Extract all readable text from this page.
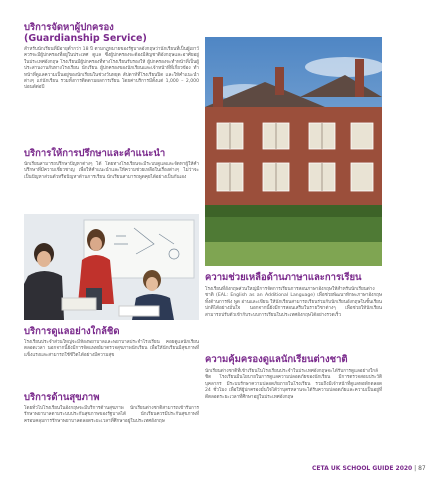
บริการจัดหาผู้ปกครอง
(Guardianship Service)

สำหรับนักเรียนที่มีอายุต่ำกว่า 18 ปี ตามกฎหมายของรัฐบาลอังกฤษว่านักเรียนที่เป็นผู้เยาว์ ควรจะมีผู้ปกครองที่อยู่ในประเทศ ดูแล ซึ่งผู้ปกครองจะต้องมีสัญชาติอังกฤษและอาศัยอยู่ในประเทศอังกฤษ โรงเรียนมีผู้ปกครองที่ทางโรงเรียนรับรองให้ ผู้ปกครองจะทำหน้าที่เป็นผู้ประสานงานกับทางโรงเรียน นักเรียน ผู้ปกครองของนักเรียนและเจ้าหน้าที่ที่เกี่ยวข้อง ทำหน้าที่ดูแลความเป็นอยู่ของนักเรียนในช่วงวันหยุด สัปดาห์ที่โรงเรียนปิด และให้คำแนะนำต่างๆ แก่นักเรียน รวมทั้งการติดตามผลการเรียน โดยค่าบริการมีตั้งแต่ 1,000 – 2,000 ปอนด์ต่อปี

บริการให้การปรึกษาและคำแนะนำ

นักเรียนสามารถปรึกษาปัญหาต่างๆ ได้ โดยทางโรงเรียนจะมีระบบดูแลและจัดหาผู้ให้คำปรึกษาที่มีความเชี่ยวชาญ เพื่อให้คำแนะนำและให้ความช่วยเหลือในเรื่องต่างๆ ไม่ว่าจะเป็นปัญหาส่วนตัวหรือปัญหาด้านการเรียน นักเรียนสามารถพูดคุยได้อย่างเป็นกันเอง

บริการดูแลอย่างใกล้ชิด

โรงเรียนประจำส่วนใหญ่จะมีห้องพยาบาลและพยาบาลประจำโรงเรียน คอยดูแลนักเรียนตลอดเวลา นอกจากนี้ยังมีการจัดแพทย์มาตรวจสุขภาพนักเรียน เพื่อให้นักเรียนมีสุขภาพที่แข็งแรงและสามารถใช้ชีวิตได้อย่างมีความสุข

บริการด้านสุขภาพ

โดยทั่วไปโรงเรียนในอังกฤษจะมีบริการด้านสุขภาพ นักเรียนต่างชาติสามารถเข้ารับการรักษาพยาบาลตามระบบประกันสุขภาพของรัฐบาลได้ นักเรียนควรมีประกันสุขภาพที่ครอบคลุมการรักษาพยาบาลตลอดระยะเวลาที่ศึกษาอยู่ในประเทศอังกฤษ

ความช่วยเหลือด้านภาษาและการเรียน

โรงเรียนที่อังกฤษส่วนใหญ่มีการจัดการเรียนการสอนภาษาอังกฤษให้สำหรับนักเรียนต่างชาติ (EAL: English as an Additional Language) เพื่อช่วยพัฒนาทักษะภาษาอังกฤษ ทั้งด้านการฟัง พูด อ่านและเขียน ให้นักเรียนสามารถเรียนร่วมกับนักเรียนอังกฤษในชั้นเรียนปกติได้อย่างมั่นใจ นอกจากนี้ยังมีการสอนเสริมในรายวิชาต่างๆ เพื่อช่วยให้นักเรียนสามารถปรับตัวเข้ากับระบบการเรียนในประเทศอังกฤษได้อย่างรวดเร็ว

ความคุ้มครองดูแลนักเรียนต่างชาติ

นักเรียนต่างชาติที่เข้าเรียนในโรงเรียนประจำในประเทศอังกฤษจะได้รับการดูแลอย่างใกล้ชิด โรงเรียนมีนโยบายในการดูแลความปลอดภัยของนักเรียน มีการตรวจสอบประวัติบุคลากร มีระบบรักษาความปลอดภัยภายในโรงเรียน รวมถึงมีเจ้าหน้าที่ดูแลหอพักตลอด 24 ชั่วโมง เพื่อให้ผู้ปกครองมั่นใจได้ว่าบุตรหลานจะได้รับความปลอดภัยและความเป็นอยู่ที่ดีตลอดระยะเวลาที่ศึกษาอยู่ในประเทศอังกฤษ

CETA UK SCHOOL GUIDE 2020 | 87
